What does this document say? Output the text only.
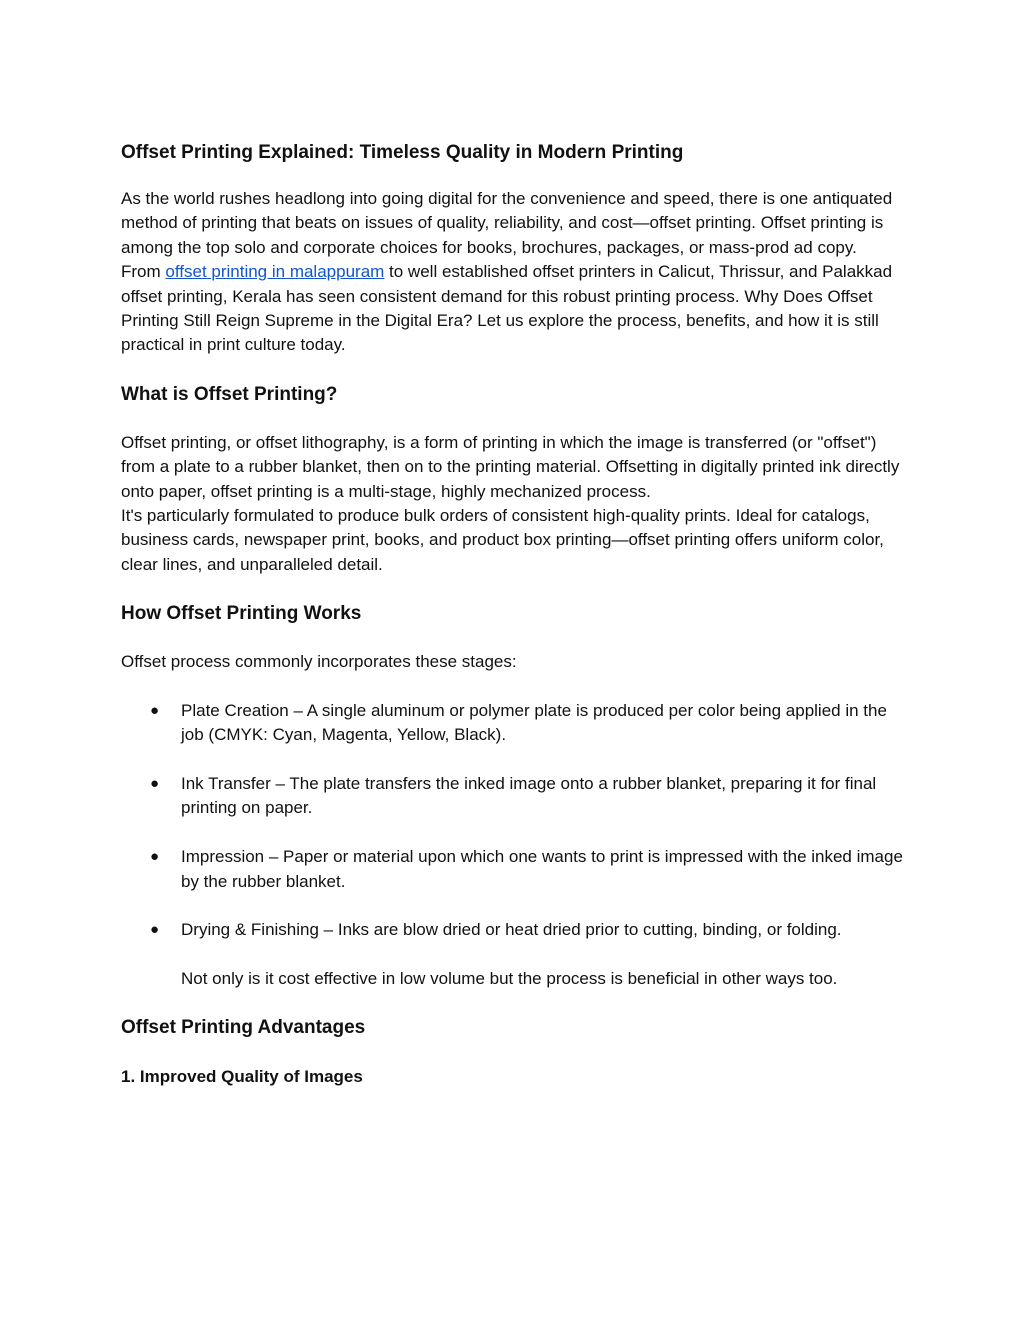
Offset Printing Explained: Timeless Quality in Modern Printing

As the world rushes headlong into going digital for the convenience and speed, there is one antiquated method of printing that beats on issues of quality, reliability, and cost—offset printing. Offset printing is among the top solo and corporate choices for books, brochures, packages, or mass-prod ad copy.

From offset printing in malappuram to well established offset printers in Calicut, Thrissur, and Palakkad offset printing, Kerala has seen consistent demand for this robust printing process. Why Does Offset Printing Still Reign Supreme in the Digital Era? Let us explore the process, benefits, and how it is still practical in print culture today.

What is Offset Printing?

Offset printing, or offset lithography, is a form of printing in which the image is transferred (or "offset") from a plate to a rubber blanket, then on to the printing material. Offsetting in digitally printed ink directly onto paper, offset printing is a multi-stage, highly mechanized process.

It's particularly formulated to produce bulk orders of consistent high-quality prints. Ideal for catalogs, business cards, newspaper print, books, and product box printing—offset printing offers uniform color, clear lines, and unparalleled detail.

How Offset Printing Works

Offset process commonly incorporates these stages:

● Plate Creation – A single aluminum or polymer plate is produced per color being applied in the job (CMYK: Cyan, Magenta, Yellow, Black).
● Ink Transfer – The plate transfers the inked image onto a rubber blanket, preparing it for final printing on paper.
● Impression – Paper or material upon which one wants to print is impressed with the inked image by the rubber blanket.
● Drying & Finishing – Inks are blow dried or heat dried prior to cutting, binding, or folding.

Not only is it cost effective in low volume but the process is beneficial in other ways too.

Offset Printing Advantages
1. Improved Quality of Images
